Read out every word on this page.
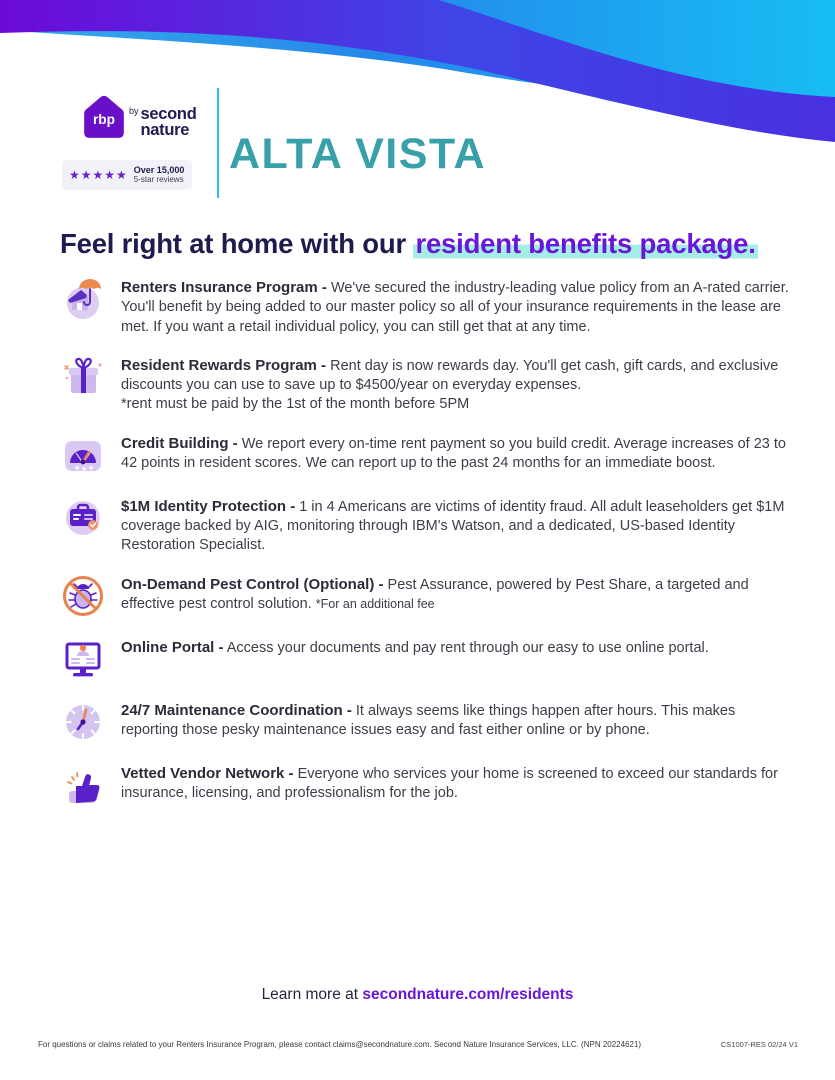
rbp
$^{by}$ second
nature
★★★★★ Over 15,000
5-star reviews
ALTA VISTA
Feel right at home with our resident benefits package.

Renters Insurance Program - We've secured the industry-leading value policy from an A-rated carrier. You'll benefit by being added to our master policy so all of your insurance requirements in the lease are met. If you want a retail individual policy, you can still get that at any time.

Resident Rewards Program - Rent day is now rewards day. You'll get cash, gift cards, and exclusive discounts you can use to save up to $4500/year on everyday expenses.

*rent must be paid by the 1st of the month before 5PM
★ ★ ★

Credit Building - We report every on-time rent payment so you build credit. Average increases of 23 to 42 points in resident scores. We can report up to the past 24 months for an immediate boost.

$1M Identity Protection - 1 in 4 Americans are victims of identity fraud. All adult leaseholders get $1M coverage backed by AIG, monitoring through IBM's Watson, and a dedicated, US-based Identity Restoration Specialist.

On-Demand Pest Control (Optional) - Pest Assurance, powered by Pest Share, a targeted and effective pest control solution. *For an additional fee

Online Portal - Access your documents and pay rent through our easy to use online portal.

24/7 Maintenance Coordination - It always seems like things happen after hours. This makes reporting those pesky maintenance issues easy and fast either online or by phone.

Vetted Vendor Network - Everyone who services your home is screened to exceed our standards for insurance, licensing, and professionalism for the job.

Learn more at secondnature.com/residents
For questions or claims related to your Renters Insurance Program, please contact claims@secondnature.com. Second Nature Insurance Services, LLC. (NPN 20224621)	CS1007-RES 02/24 V1
